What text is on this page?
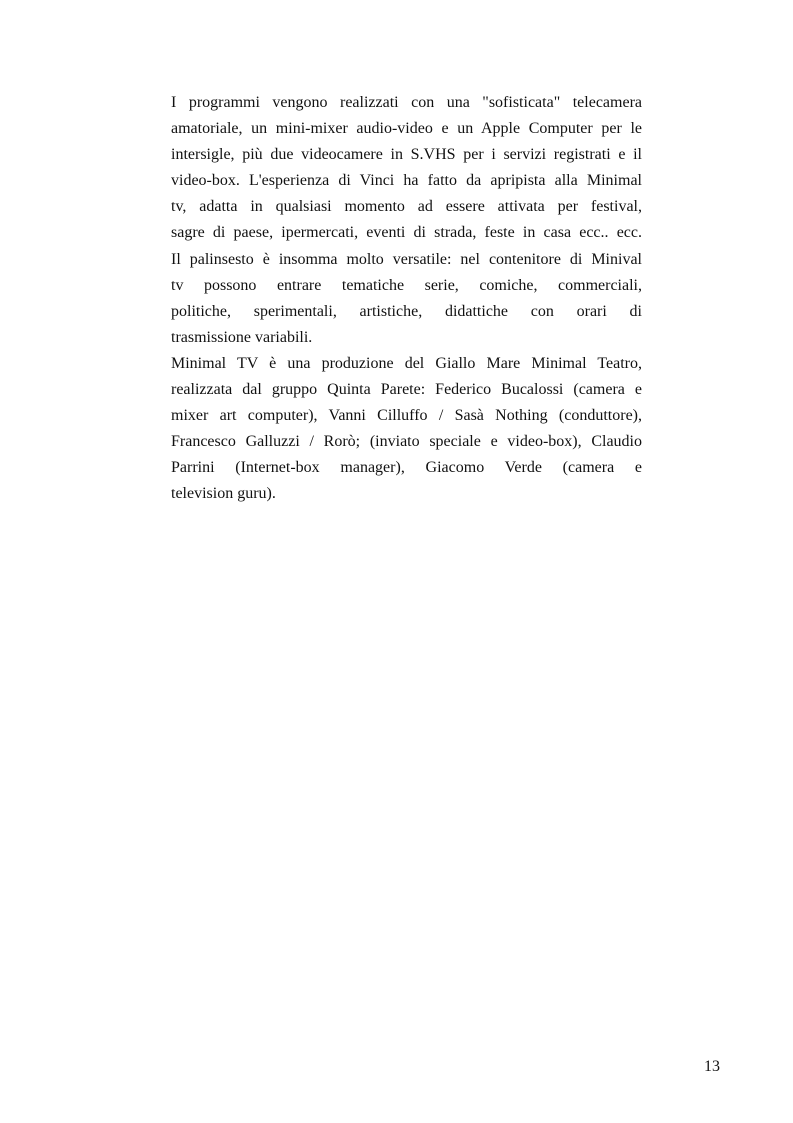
I programmi vengono realizzati con una "sofisticata" telecamera
amatoriale, un mini-mixer audio-video e un Apple Computer per le
intersigle, più due videocamere in S.VHS per i servizi registrati e il
video-box. L'esperienza di Vinci ha fatto da apripista alla Minimal
tv, adatta in qualsiasi momento ad essere attivata per festival,
sagre di paese, ipermercati, eventi di strada, feste in casa ecc.. ecc.
Il palinsesto è insomma molto versatile: nel contenitore di Minival
tv possono entrare tematiche serie, comiche, commerciali,
politiche, sperimentali, artistiche, didattiche con orari di
trasmissione variabili.

Minimal TV è una produzione del Giallo Mare Minimal Teatro,
realizzata dal gruppo Quinta Parete: Federico Bucalossi (camera e
mixer art computer), Vanni Cilluffo / Sasà Nothing (conduttore),
Francesco Galluzzi / Rorò; (inviato speciale e video-box), Claudio
Parrini (Internet-box manager), Giacomo Verde (camera e
television guru).

13
